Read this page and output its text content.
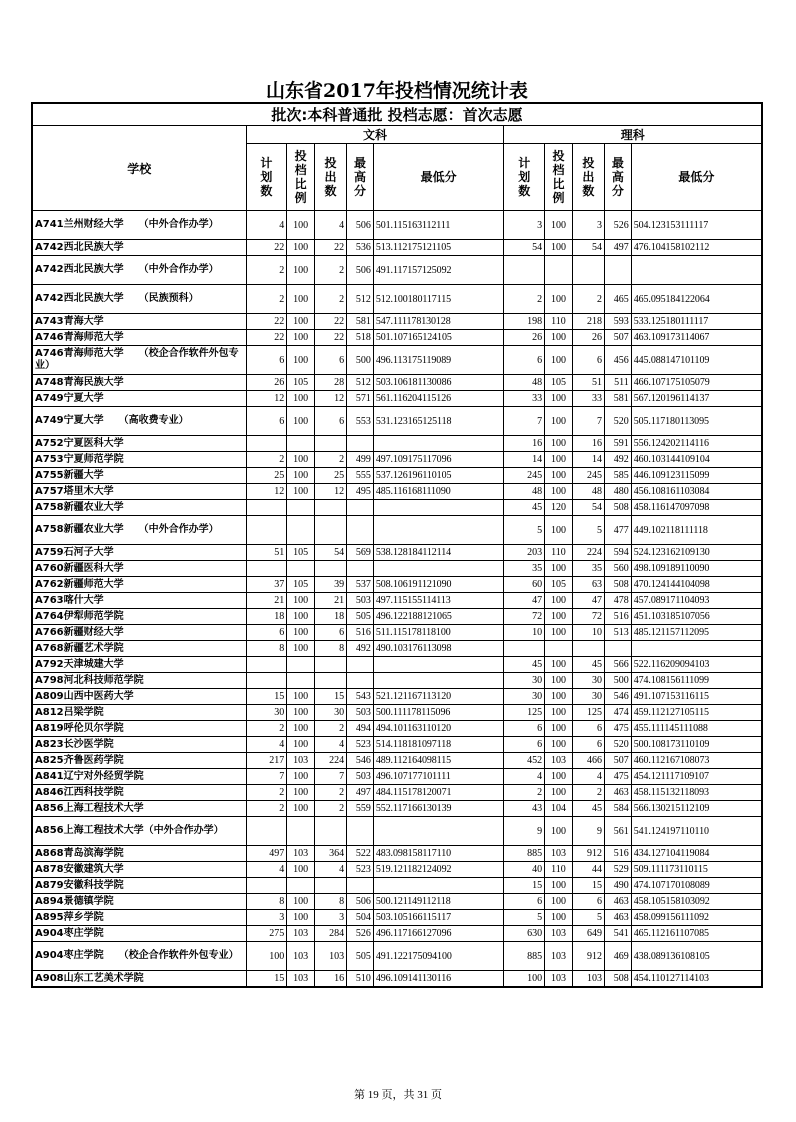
山东省2017年投档情况统计表
批次:本科普通批 投档志愿：首次志愿										
学校	文科					理科				
	计划数	投档比例	投出数	最高分	最低分	计划数	投档比例	投出数	最高分	最低分
A741兰州财经大学　　（中外合作办学）	4	100	4	506	501.115163112111	3	100	3	526	504.123153111117
A742西北民族大学	22	100	22	536	513.112175121105	54	100	54	497	476.104158102112
A742西北民族大学　　（中外合作办学）	2	100	2	506	491.117157125092					
A742西北民族大学　　（民族预科）	2	100	2	512	512.100180117115	2	100	2	465	465.095184122064
A743青海大学	22	100	22	581	547.111178130128	198	110	218	593	533.125180111117
A746青海师范大学	22	100	22	518	501.107165124105	26	100	26	507	463.109173114067
A746青海师范大学　　（校企合作软件外包专业）	6	100	6	500	496.113175119089	6	100	6	456	445.088147101109
A748青海民族大学	26	105	28	512	503.106181130086	48	105	51	511	466.107175105079
A749宁夏大学	12	100	12	571	561.116204115126	33	100	33	581	567.120196114137
A749宁夏大学　　（高收费专业）	6	100	6	553	531.123165125118	7	100	7	520	505.117180113095
A752宁夏医科大学						16	100	16	591	556.124202114116
A753宁夏师范学院	2	100	2	499	497.109175117096	14	100	14	492	460.103144109104
A755新疆大学	25	100	25	555	537.126196110105	245	100	245	585	446.109123115099
A757塔里木大学	12	100	12	495	485.116168111090	48	100	48	480	456.108161103084
A758新疆农业大学						45	120	54	508	458.116147097098
A758新疆农业大学　　（中外合作办学）						5	100	5	477	449.102118111118
A759石河子大学	51	105	54	569	538.128184112114	203	110	224	594	524.123162109130
A760新疆医科大学						35	100	35	560	498.109189110090
A762新疆师范大学	37	105	39	537	508.106191121090	60	105	63	508	470.124144104098
A763喀什大学	21	100	21	503	497.115155114113	47	100	47	478	457.089171104093
A764伊犁师范学院	18	100	18	505	496.122188121065	72	100	72	516	451.103185107056
A766新疆财经大学	6	100	6	516	511.115178118100	10	100	10	513	485.121157112095
A768新疆艺术学院	8	100	8	492	490.103176113098					
A792天津城建大学						45	100	45	566	522.116209094103
A798河北科技师范学院						30	100	30	500	474.108156111099
A809山西中医药大学	15	100	15	543	521.121167113120	30	100	30	546	491.107153116115
A812吕梁学院	30	100	30	503	500.111178115096	125	100	125	474	459.112127105115
A819呼伦贝尔学院	2	100	2	494	494.101163110120	6	100	6	475	455.111145111088
A823长沙医学院	4	100	4	523	514.118181097118	6	100	6	520	500.108173110109
A825齐鲁医药学院	217	103	224	546	489.112164098115	452	103	466	507	460.112167108073
A841辽宁对外经贸学院	7	100	7	503	496.107177101111	4	100	4	475	454.121117109107
A846江西科技学院	2	100	2	497	484.115178120071	2	100	2	463	458.115132118093
A856上海工程技术大学	2	100	2	559	552.117166130139	43	104	45	584	566.130215112109
A856上海工程技术大学（中外合作办学）						9	100	9	561	541.124197110110
A868青岛滨海学院	497	103	364	522	483.098158117110	885	103	912	516	434.127104119084
A878安徽建筑大学	4	100	4	523	519.121182124092	40	110	44	529	509.111173110115
A879安徽科技学院						15	100	15	490	474.107170108089
A894景德镇学院	8	100	8	506	500.121149112118	6	100	6	463	458.105158103092
A895萍乡学院	3	100	3	504	503.105166115117	5	100	5	463	458.099156111092
A904枣庄学院	275	103	284	526	496.117166127096	630	103	649	541	465.112161107085
A904枣庄学院　　（校企合作软件外包专业）	100	103	103	505	491.122175094100	885	103	912	469	438.089136108105
A908山东工艺美术学院	15	103	16	510	496.109141130116	100	103	103	508	454.110127114103
第 19 页，共 31 页
